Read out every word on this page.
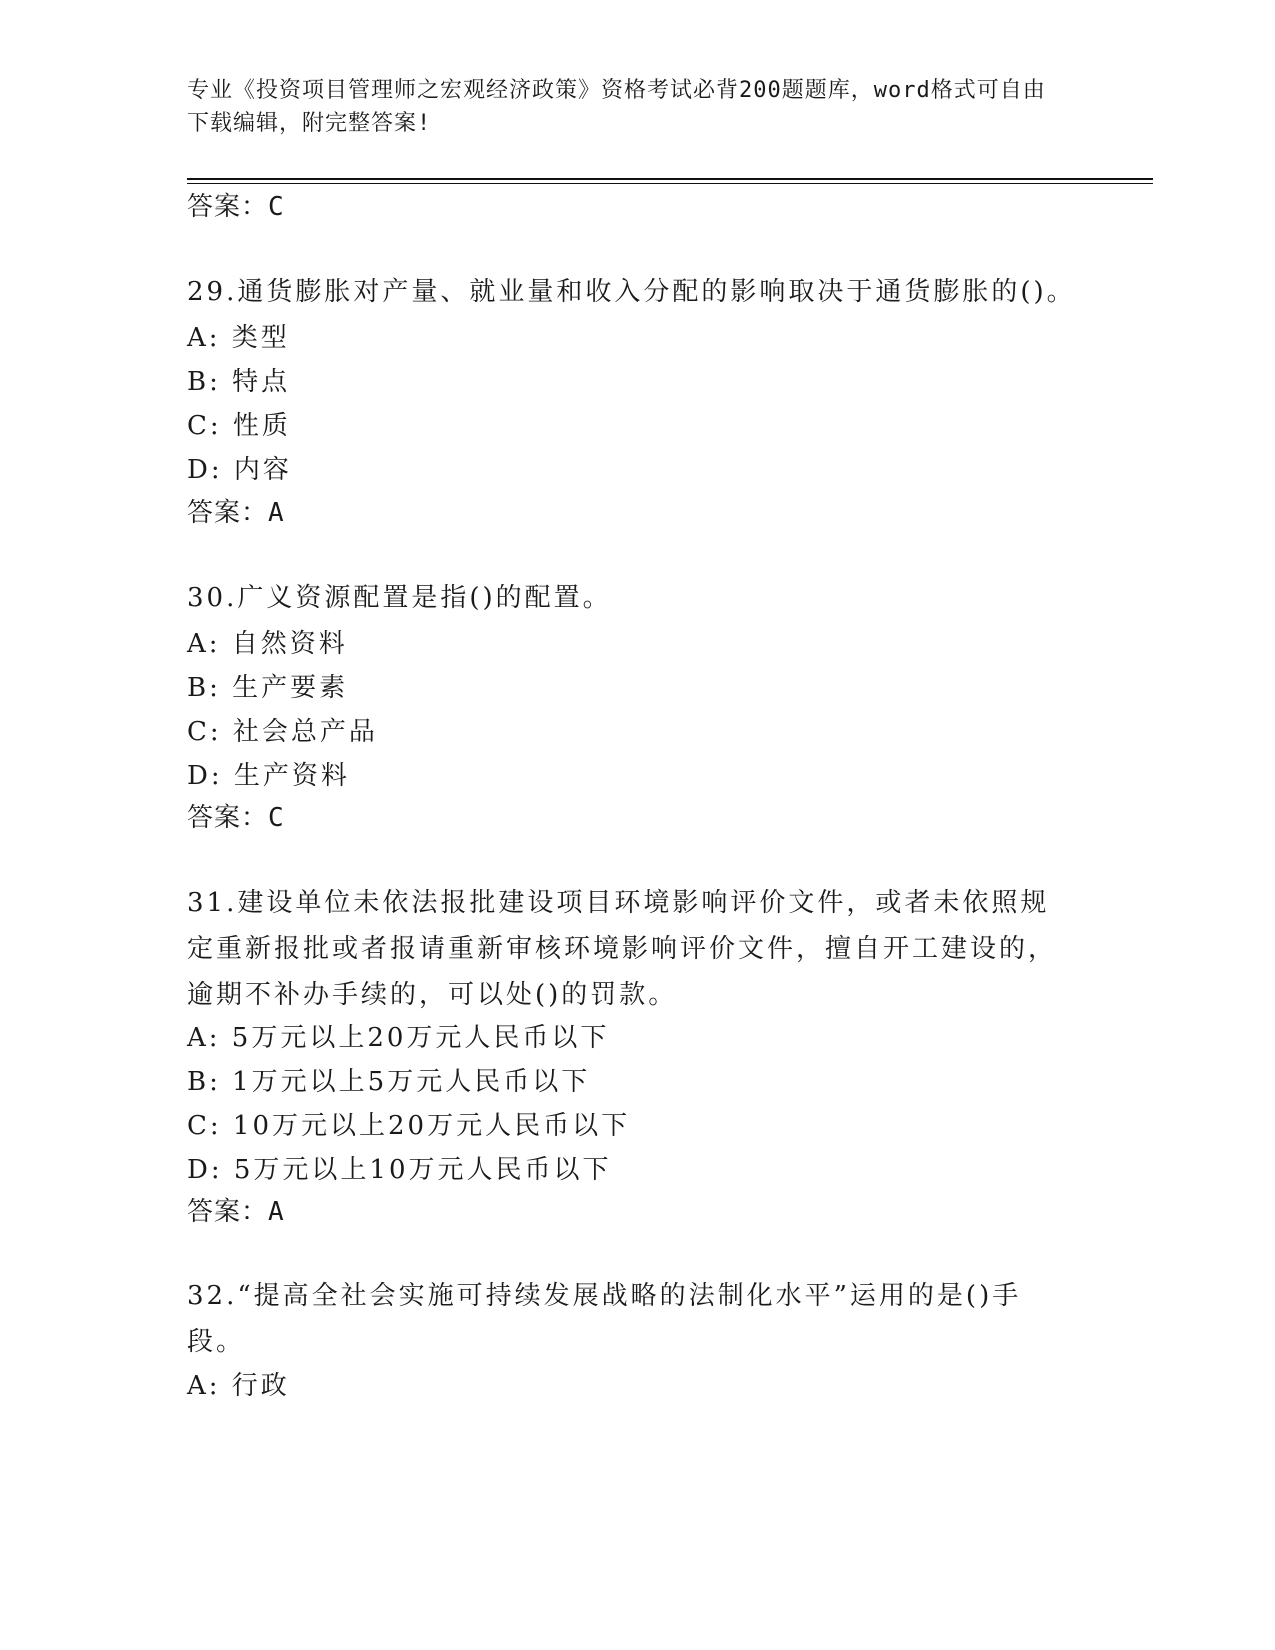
专业《投资项目管理师之宏观经济政策》资格考试必背200题题库，word格式可自由下载编辑，附完整答案!
答案：C
29.通货膨胀对产量、就业量和收入分配的影响取决于通货膨胀的()。
A: 类型
B: 特点
C: 性质
D: 内容
答案：A
30.广义资源配置是指()的配置。
A: 自然资料
B: 生产要素
C: 社会总产品
D: 生产资料
答案：C
31.建设单位未依法报批建设项目环境影响评价文件，或者未依照规定重新报批或者报请重新审核环境影响评价文件，擅自开工建设的，逾期不补办手续的，可以处()的罚款。
A: 5万元以上20万元人民币以下
B: 1万元以上5万元人民币以下
C: 10万元以上20万元人民币以下
D: 5万元以上10万元人民币以下
答案：A
32.“提高全社会实施可持续发展战略的法制化水平”运用的是()手段。
A: 行政
